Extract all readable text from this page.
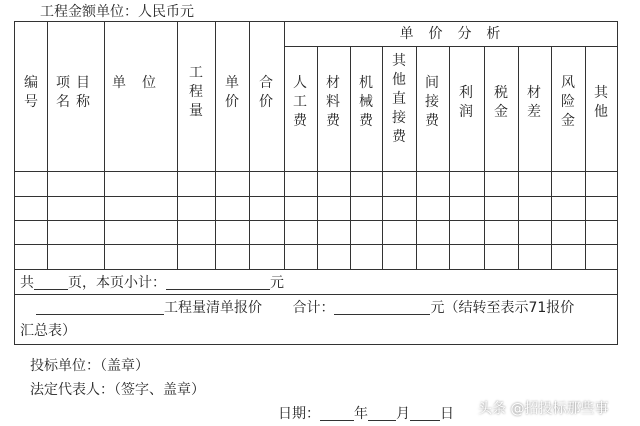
工程金额单位：人民币元
单  价  分  析
编号
项目名称
单位
工程量
单价
合价
人工费
材料费
机械费
其他直接费
间接费
利润
税金
材差
风险金
其他
共 页，本页小计：	元
工程量清单报价 合计：	元（结转至表示71报价
汇总表）
投标单位：（盖章）
法定代表人：（签字、盖章）
日期： 年 月 日 头条 @招投标那些事
